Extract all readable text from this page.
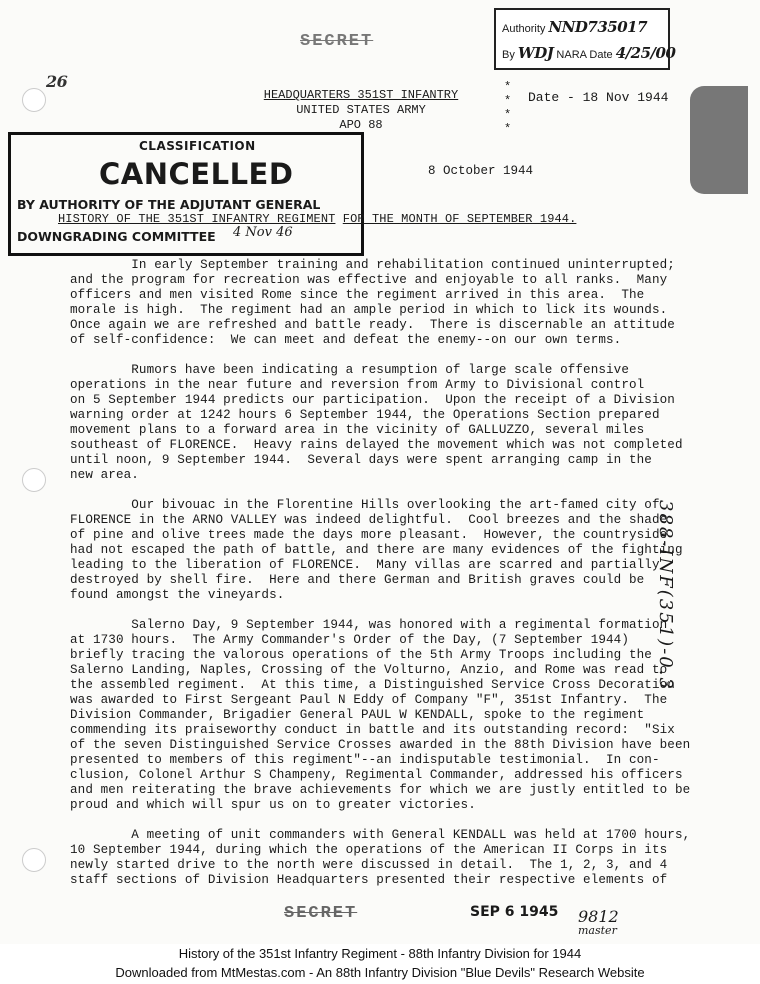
Authority NND735017
By WDJ NARA Date 4/25/00
SECRET
26
HEADQUARTERS 351ST INFANTRY
UNITED STATES ARMY
APO 88
*
*
*
*
Date - 18 Nov 1944
CLASSIFICATION
CANCELLED
BY AUTHORITY OF THE ADJUTANT GENERAL
DOWNGRADING COMMITTEE 4 Nov 46
8 October 1944
HISTORY OF THE 351ST INFANTRY REGIMENT FOR THE MONTH OF SEPTEMBER 1944.

In early September training and rehabilitation continued uninterrupted;
and the program for recreation was effective and enjoyable to all ranks.  Many
officers and men visited Rome since the regiment arrived in this area.  The
morale is high.  The regiment had an ample period in which to lick its wounds.
Once again we are refreshed and battle ready.  There is discernable an attitude
of self-confidence:  We can meet and defeat the enemy--on our own terms.

Rumors have been indicating a resumption of large scale offensive
operations in the near future and reversion from Army to Divisional control
on 5 September 1944 predicts our participation.  Upon the receipt of a Division
warning order at 1242 hours 6 September 1944, the Operations Section prepared
movement plans to a forward area in the vicinity of GALLUZZO, several miles
southeast of FLORENCE.  Heavy rains delayed the movement which was not completed
until noon, 9 September 1944.  Several days were spent arranging camp in the
new area.

Our bivouac in the Florentine Hills overlooking the art-famed city of
FLORENCE in the ARNO VALLEY was indeed delightful.  Cool breezes and the shade
of pine and olive trees made the days more pleasant.  However, the countryside
had not escaped the path of battle, and there are many evidences of the fighting
leading to the liberation of FLORENCE.  Many villas are scarred and partially
destroyed by shell fire.  Here and there German and British graves could be
found amongst the vineyards.

Salerno Day, 9 September 1944, was honored with a regimental formation
at 1730 hours.  The Army Commander's Order of the Day, (7 September 1944)
briefly tracing the valorous operations of the 5th Army Troops including the
Salerno Landing, Naples, Crossing of the Volturno, Anzio, and Rome was read to
the assembled regiment.  At this time, a Distinguished Service Cross Decoration
was awarded to First Sergeant Paul N Eddy of Company "F", 351st Infantry.  The
Division Commander, Brigadier General PAUL W KENDALL, spoke to the regiment
commending its praiseworthy conduct in battle and its outstanding record:  "Six
of the seven Distinguished Service Crosses awarded in the 88th Division have been
presented to members of this regiment"--an indisputable testimonial.  In con-
clusion, Colonel Arthur S Champeny, Regimental Commander, addressed his officers
and men reiterating the brave achievements for which we are justly entitled to be
proud and which will spur us on to greater victories.

A meeting of unit commanders with General KENDALL was held at 1700 hours,
10 September 1944, during which the operations of the American II Corps in its
newly started drive to the north were discussed in detail.  The 1, 2, 3, and 4
staff sections of Division Headquarters presented their respective elements of

388-INF(351)-0.3
SECRET	SEP 6 1945 9812
master
History of the 351st Infantry Regiment - 88th Infantry Division for 1944
Downloaded from MtMestas.com - An 88th Infantry Division "Blue Devils" Research Website
